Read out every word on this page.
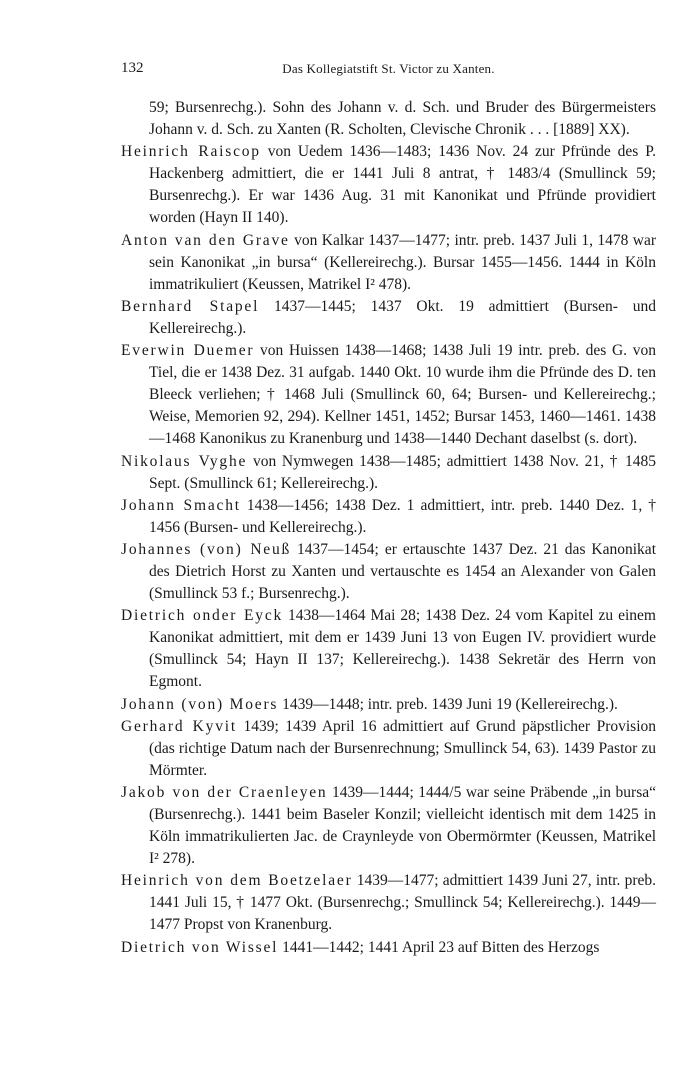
132	Das Kollegiatstift St. Victor zu Xanten.

59; Bursenrechg.). Sohn des Johann v. d. Sch. und Bruder des Bürgermeisters Johann v. d. Sch. zu Xanten (R. Scholten, Clevische Chronik . . . [1889] XX).

Heinrich Raiscop von Uedem 1436—1483; 1436 Nov. 24 zur Pfründe des P. Hackenberg admittiert, die er 1441 Juli 8 antrat, † 1483/4 (Smullinck 59; Bursenrechg.). Er war 1436 Aug. 31 mit Kanonikat und Pfründe providiert worden (Hayn II 140).

Anton van den Grave von Kalkar 1437—1477; intr. preb. 1437 Juli 1, 1478 war sein Kanonikat „in bursa“ (Kellereirechg.). Bursar 1455—1456. 1444 in Köln immatrikuliert (Keussen, Matrikel I² 478).

Bernhard Stapel 1437—1445; 1437 Okt. 19 admittiert (Bursen- und Kellereirechg.).

Everwin Duemer von Huissen 1438—1468; 1438 Juli 19 intr. preb. des G. von Tiel, die er 1438 Dez. 31 aufgab. 1440 Okt. 10 wurde ihm die Pfründe des D. ten Bleeck verliehen; † 1468 Juli (Smullinck 60, 64; Bursen- und Kellereirechg.; Weise, Memorien 92, 294). Kellner 1451, 1452; Bursar 1453, 1460—1461. 1438—1468 Kanonikus zu Kranenburg und 1438—1440 Dechant daselbst (s. dort).

Nikolaus Vyghe von Nymwegen 1438—1485; admittiert 1438 Nov. 21, † 1485 Sept. (Smullinck 61; Kellereirechg.).

Johann Smacht 1438—1456; 1438 Dez. 1 admittiert, intr. preb. 1440 Dez. 1, † 1456 (Bursen- und Kellereirechg.).

Johannes (von) Neuß 1437—1454; er ertauschte 1437 Dez. 21 das Kanonikat des Dietrich Horst zu Xanten und vertauschte es 1454 an Alexander von Galen (Smullinck 53 f.; Bursenrechg.).

Dietrich onder Eyck 1438—1464 Mai 28; 1438 Dez. 24 vom Kapitel zu einem Kanonikat admittiert, mit dem er 1439 Juni 13 von Eugen IV. providiert wurde (Smullinck 54; Hayn II 137; Kellereirechg.). 1438 Sekretär des Herrn von Egmont.

Johann (von) Moers 1439—1448; intr. preb. 1439 Juni 19 (Kellereirechg.).

Gerhard Kyvit 1439; 1439 April 16 admittiert auf Grund päpstlicher Provision (das richtige Datum nach der Bursenrechnung; Smullinck 54, 63). 1439 Pastor zu Mörmter.

Jakob von der Craenleyen 1439—1444; 1444/5 war seine Präbende „in bursa“ (Bursenrechg.). 1441 beim Baseler Konzil; vielleicht identisch mit dem 1425 in Köln immatrikulierten Jac. de Craynleyde von Obermörmter (Keussen, Matrikel I² 278).

Heinrich von dem Boetzelaer 1439—1477; admittiert 1439 Juni 27, intr. preb. 1441 Juli 15, † 1477 Okt. (Bursenrechg.; Smullinck 54; Kellereirechg.). 1449—1477 Propst von Kranenburg.

Dietrich von Wissel 1441—1442; 1441 April 23 auf Bitten des Herzogs
